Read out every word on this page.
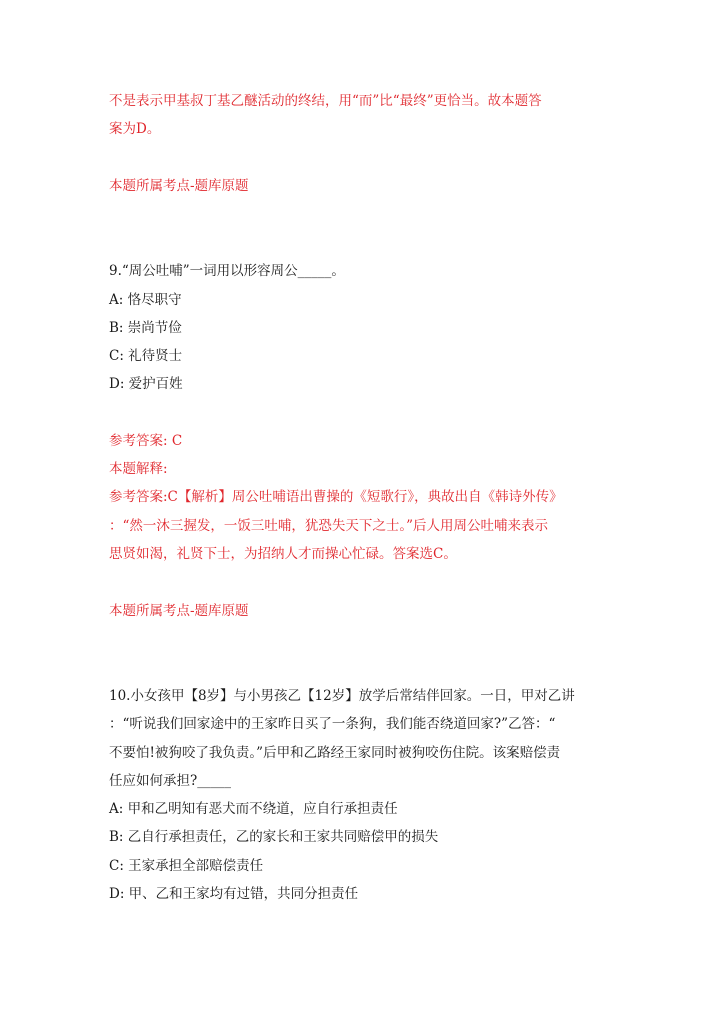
不是表示甲基叔丁基乙醚活动的终结，用“而”比“最终”更恰当。故本题答
案为D。
本题所属考点-题库原题
9.“周公吐哺”一词用以形容周公_____。
A: 恪尽职守
B: 崇尚节俭
C: 礼待贤士
D: 爱护百姓
参考答案: C
本题解释:
参考答案:C【解析】周公吐哺语出曹操的《短歌行》，典故出自《韩诗外传》
：“然一沐三握发，一饭三吐哺，犹恐失天下之士。”后人用周公吐哺来表示
思贤如渴，礼贤下士，为招纳人才而操心忙碌。答案选C。
本题所属考点-题库原题
10.小女孩甲【8岁】与小男孩乙【12岁】放学后常结伴回家。一日，甲对乙讲
：“听说我们回家途中的王家昨日买了一条狗，我们能否绕道回家?”乙答：“
不要怕!被狗咬了我负责。”后甲和乙路经王家同时被狗咬伤住院。该案赔偿责
任应如何承担?_____
A: 甲和乙明知有恶犬而不绕道，应自行承担责任
B: 乙自行承担责任，乙的家长和王家共同赔偿甲的损失
C: 王家承担全部赔偿责任
D: 甲、乙和王家均有过错，共同分担责任
